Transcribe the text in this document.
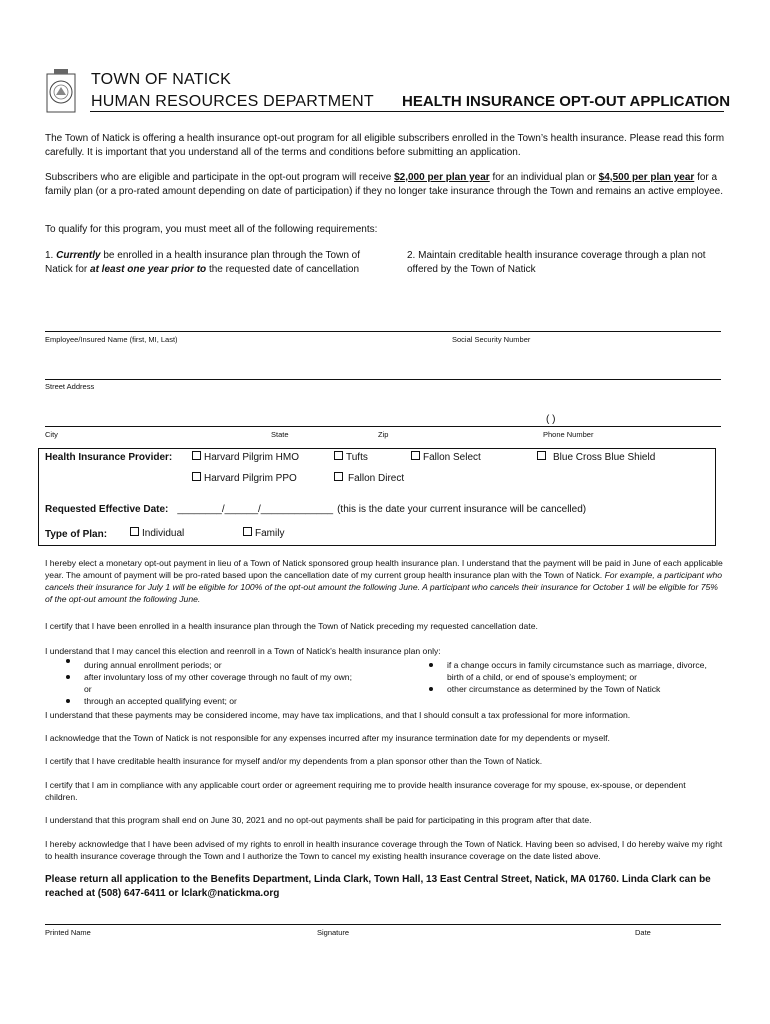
TOWN OF NATICK
HUMAN RESOURCES DEPARTMENT HEALTH INSURANCE OPT-OUT APPLICATION
The Town of Natick is offering a health insurance opt-out program for all eligible subscribers enrolled in the Town’s health insurance. Please read this form carefully. It is important that you understand all of the terms and conditions before submitting an application.
Subscribers who are eligible and participate in the opt-out program will receive $2,000 per plan year for an individual plan or $4,500 per plan year for a family plan (or a pro-rated amount depending on date of participation) if they no longer take insurance through the Town and remains an active employee.
To qualify for this program, you must meet all of the following requirements:
1. Currently be enrolled in a health insurance plan through the Town of Natick for at least one year prior to the requested date of cancellation
2. Maintain creditable health insurance coverage through a plan not offered by the Town of Natick
Employee/Insured Name (first, MI, Last)	Social Security Number
Street Address
( )
City	State	Zip	Phone Number
Health Insurance Provider:	Harvard Pilgrim HMO	Tufts	Fallon Select	Blue Cross Blue Shield
Harvard Pilgrim PPO	Fallon Direct
Requested Effective Date: ________/______/_____________ (this is the date your current insurance will be cancelled)
Type of Plan:	Individual	Family
I hereby elect a monetary opt-out payment in lieu of a Town of Natick sponsored group health insurance plan. I understand that the payment will be paid in June of each applicable year. The amount of payment will be pro-rated based upon the cancellation date of my current group health insurance plan with the Town of Natick. For example, a participant who cancels their insurance for July 1 will be eligible for 100% of the opt-out amount the following June. A participant who cancels their insurance for October 1 will be eligible for 75% of the opt-out amount the following June.
I certify that I have been enrolled in a health insurance plan through the Town of Natick preceding my requested cancellation date.
I understand that I may cancel this election and reenroll in a Town of Natick’s health insurance plan only:
during annual enrollment periods; or
after involuntary loss of my other coverage through no fault of my own; or
through an accepted qualifying event; or
if a change occurs in family circumstance such as marriage, divorce, birth of a child, or end of spouse’s employment; or
other circumstance as determined by the Town of Natick
I understand that these payments may be considered income, may have tax implications, and that I should consult a tax professional for more information.
I acknowledge that the Town of Natick is not responsible for any expenses incurred after my insurance termination date for my dependents or myself.
I certify that I have creditable health insurance for myself and/or my dependents from a plan sponsor other than the Town of Natick.
I certify that I am in compliance with any applicable court order or agreement requiring me to provide health insurance coverage for my spouse, ex-spouse, or dependent children.
I understand that this program shall end on June 30, 2021 and no opt-out payments shall be paid for participating in this program after that date.
I hereby acknowledge that I have been advised of my rights to enroll in health insurance coverage through the Town of Natick. Having been so advised, I do hereby waive my right to health insurance coverage through the Town and I authorize the Town to cancel my existing health insurance coverage on the date listed above.
Please return all application to the Benefits Department, Linda Clark, Town Hall, 13 East Central Street, Natick, MA 01760. Linda Clark can be reached at (508) 647-6411 or lclark@natickma.org
Printed Name	Signature	Date
